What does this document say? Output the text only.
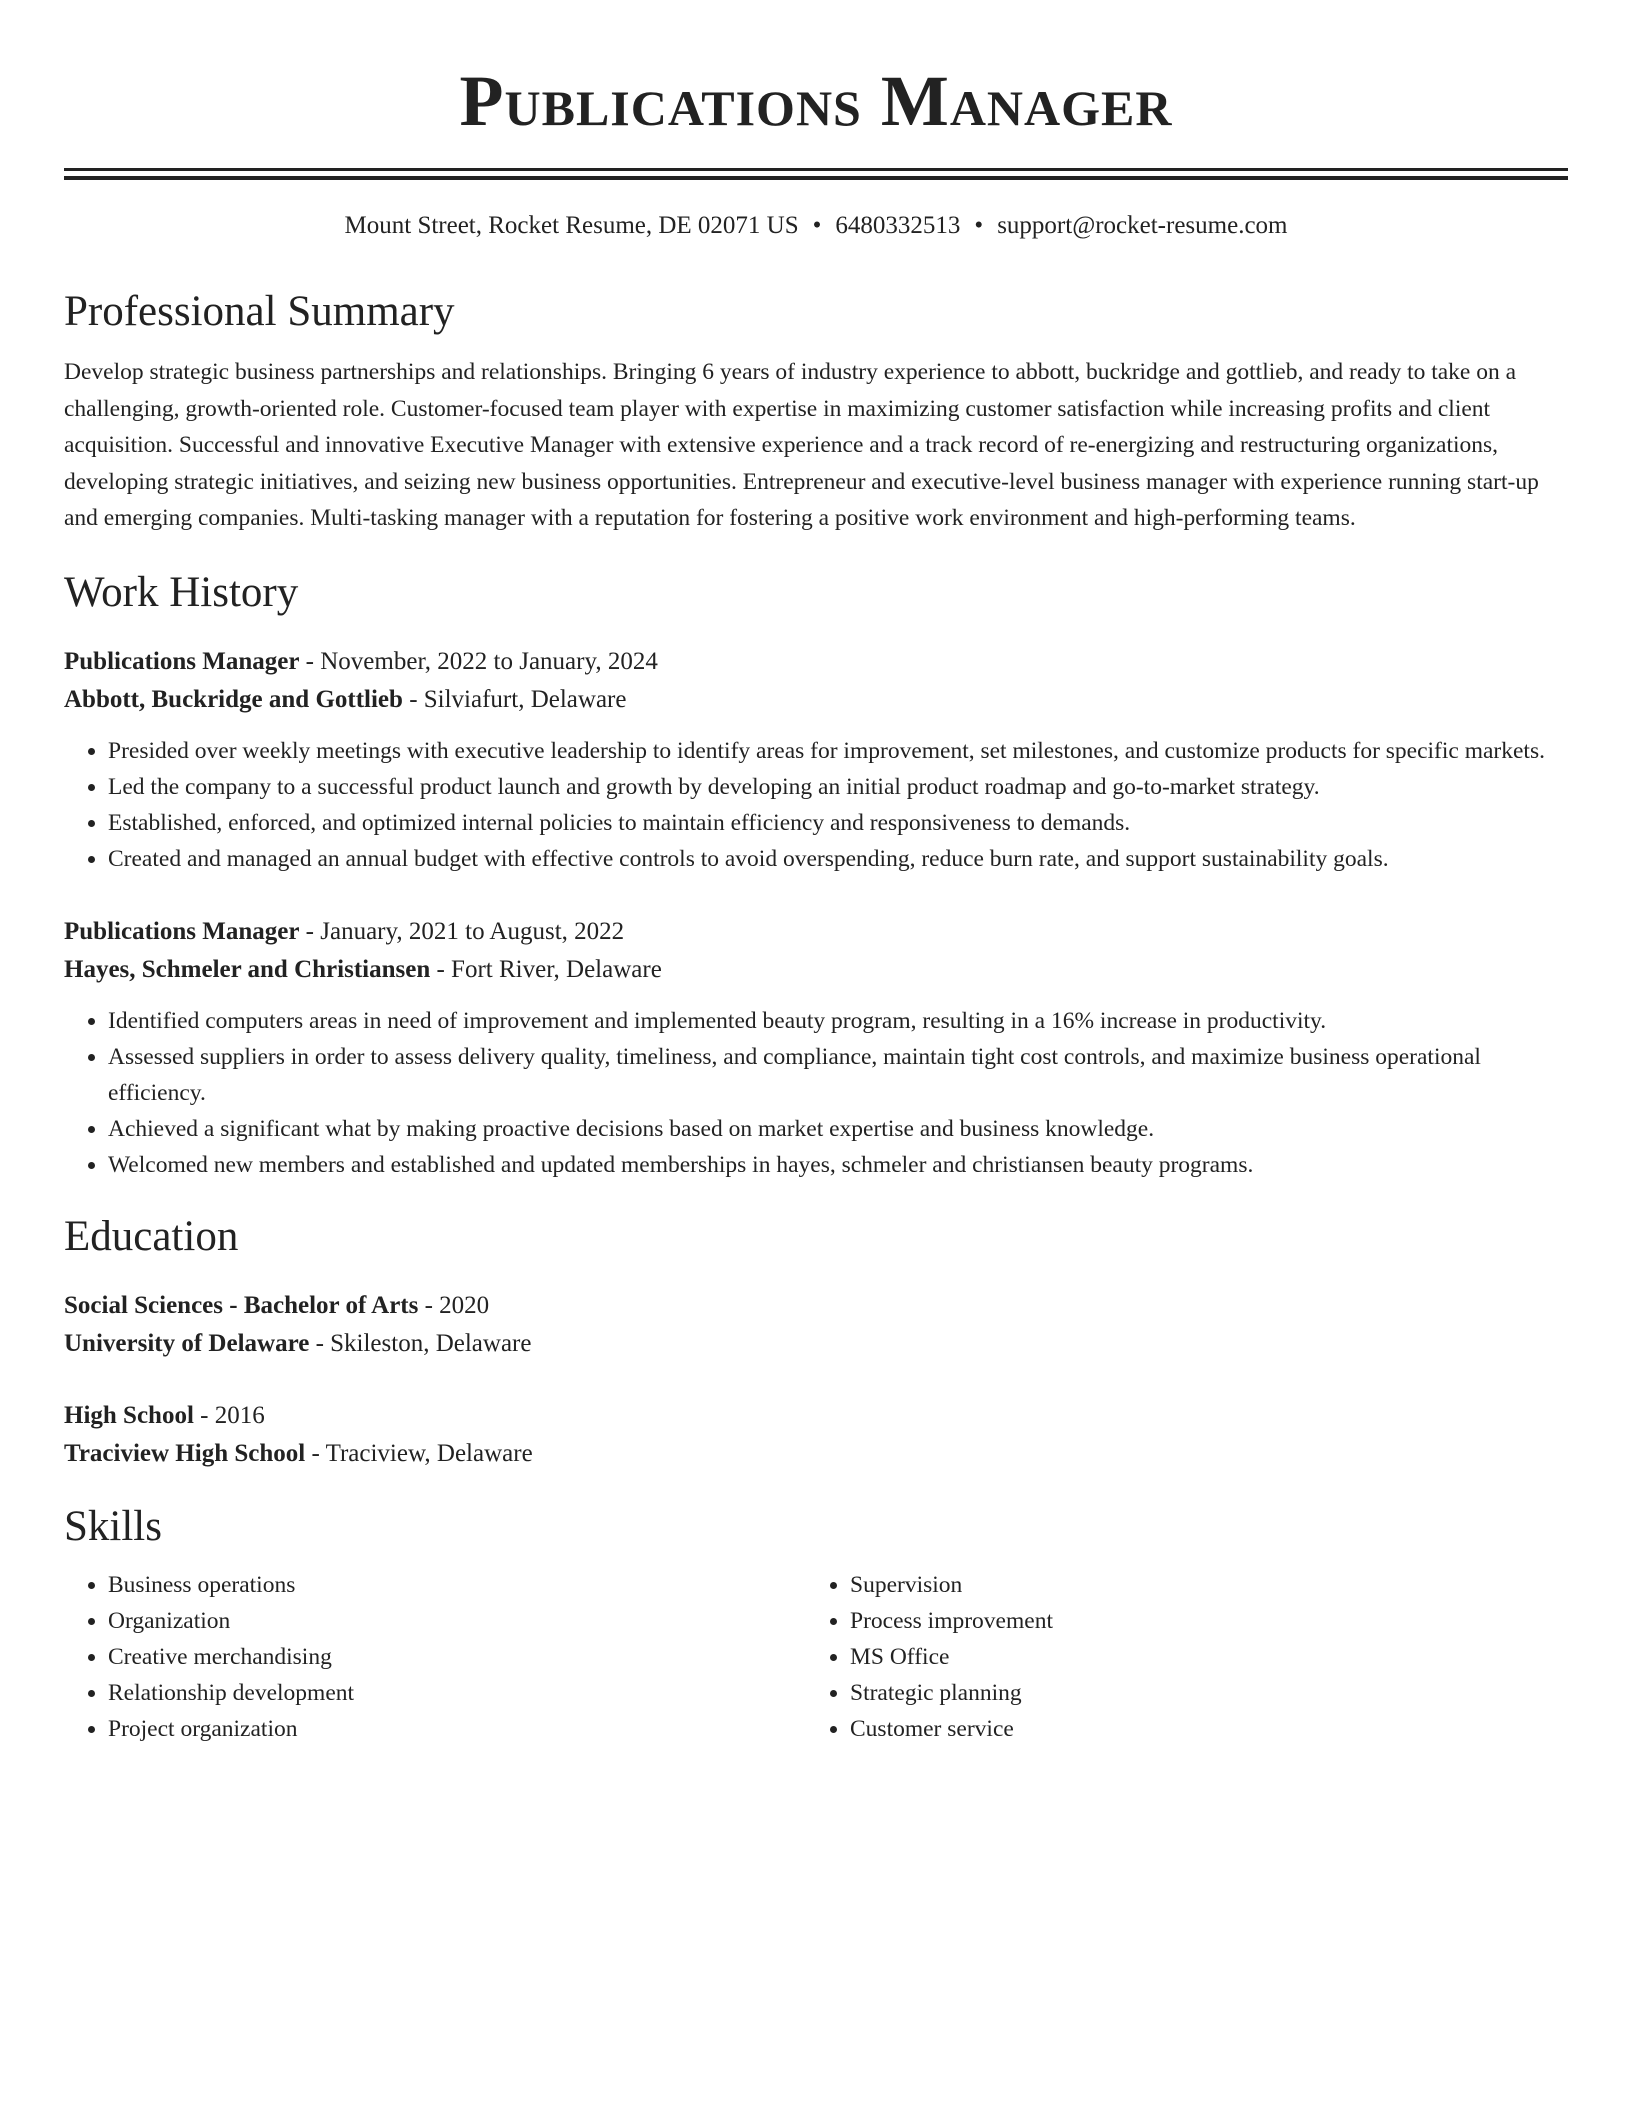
Publications Manager
Mount Street, Rocket Resume, DE 02071 US • 6480332513 • support@rocket-resume.com
Professional Summary

Develop strategic business partnerships and relationships. Bringing 6 years of industry experience to abbott, buckridge and gottlieb, and ready to take on a challenging, growth-oriented role. Customer-focused team player with expertise in maximizing customer satisfaction while increasing profits and client acquisition. Successful and innovative Executive Manager with extensive experience and a track record of re-energizing and restructuring organizations, developing strategic initiatives, and seizing new business opportunities. Entrepreneur and executive-level business manager with experience running start-up and emerging companies. Multi-tasking manager with a reputation for fostering a positive work environment and high-performing teams.

Work History
Publications Manager - November, 2022 to January, 2024
Abbott, Buckridge and Gottlieb - Silviafurt, Delaware
• Presided over weekly meetings with executive leadership to identify areas for improvement, set milestones, and customize products for specific markets.
• Led the company to a successful product launch and growth by developing an initial product roadmap and go-to-market strategy.
• Established, enforced, and optimized internal policies to maintain efficiency and responsiveness to demands.
• Created and managed an annual budget with effective controls to avoid overspending, reduce burn rate, and support sustainability goals.
Publications Manager - January, 2021 to August, 2022
Hayes, Schmeler and Christiansen - Fort River, Delaware
• Identified computers areas in need of improvement and implemented beauty program, resulting in a 16% increase in productivity.
• Assessed suppliers in order to assess delivery quality, timeliness, and compliance, maintain tight cost controls, and maximize business operational efficiency.
• Achieved a significant what by making proactive decisions based on market expertise and business knowledge.
• Welcomed new members and established and updated memberships in hayes, schmeler and christiansen beauty programs.
Education
Social Sciences - Bachelor of Arts - 2020
University of Delaware - Skileston, Delaware
High School - 2016
Traciview High School - Traciview, Delaware
Skills
• Business operations
• Organization
• Creative merchandising
• Relationship development
• Project organization
• Supervision
• Process improvement
• MS Office
• Strategic planning
• Customer service
